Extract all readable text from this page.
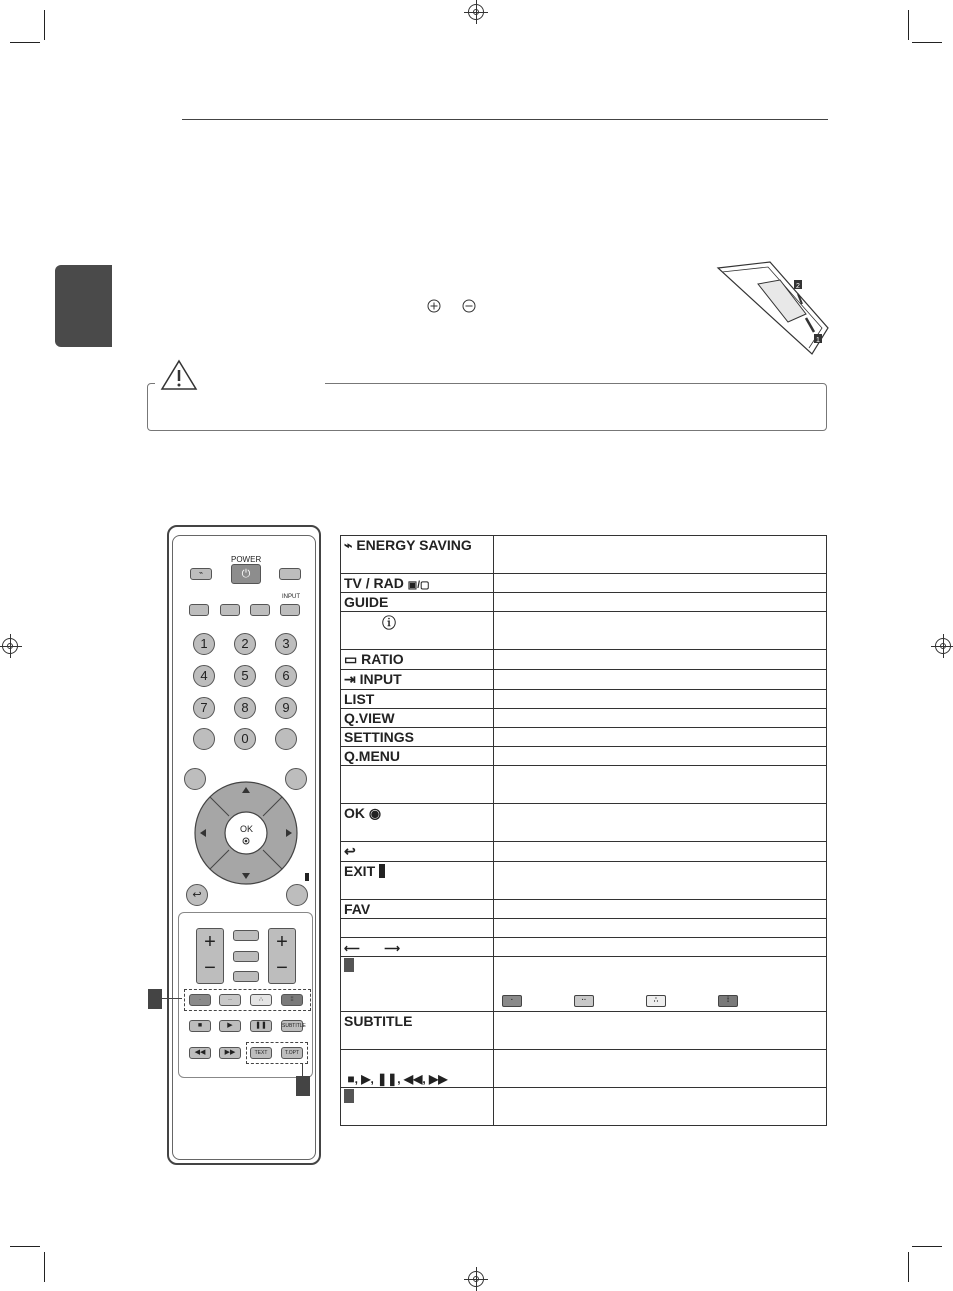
2
1
POWER
⌁	⏻
INPUT
1	2	3
4	5	6
7	8	9
0
OK
↩
+
−
+
−
·	··	∴	⁞⁞
■	▶	❚❚	SUBTITLE
◀◀	▶▶	TEXT	T.OPT
⌁ ENERGY SAVING	
TV / RAD ▣/▢	
GUIDE	
ⓘ	
▭ RATIO	
⇥ INPUT	
LIST	
Q.VIEW	
SETTINGS	
Q.MENU	

OK ◉	
↩	
EXIT	
FAV	

⟵        ⟶	
	· ·· ∴ ⁞
SUBTITLE	
■, ▶, ❚❚, ◀◀, ▶▶	
